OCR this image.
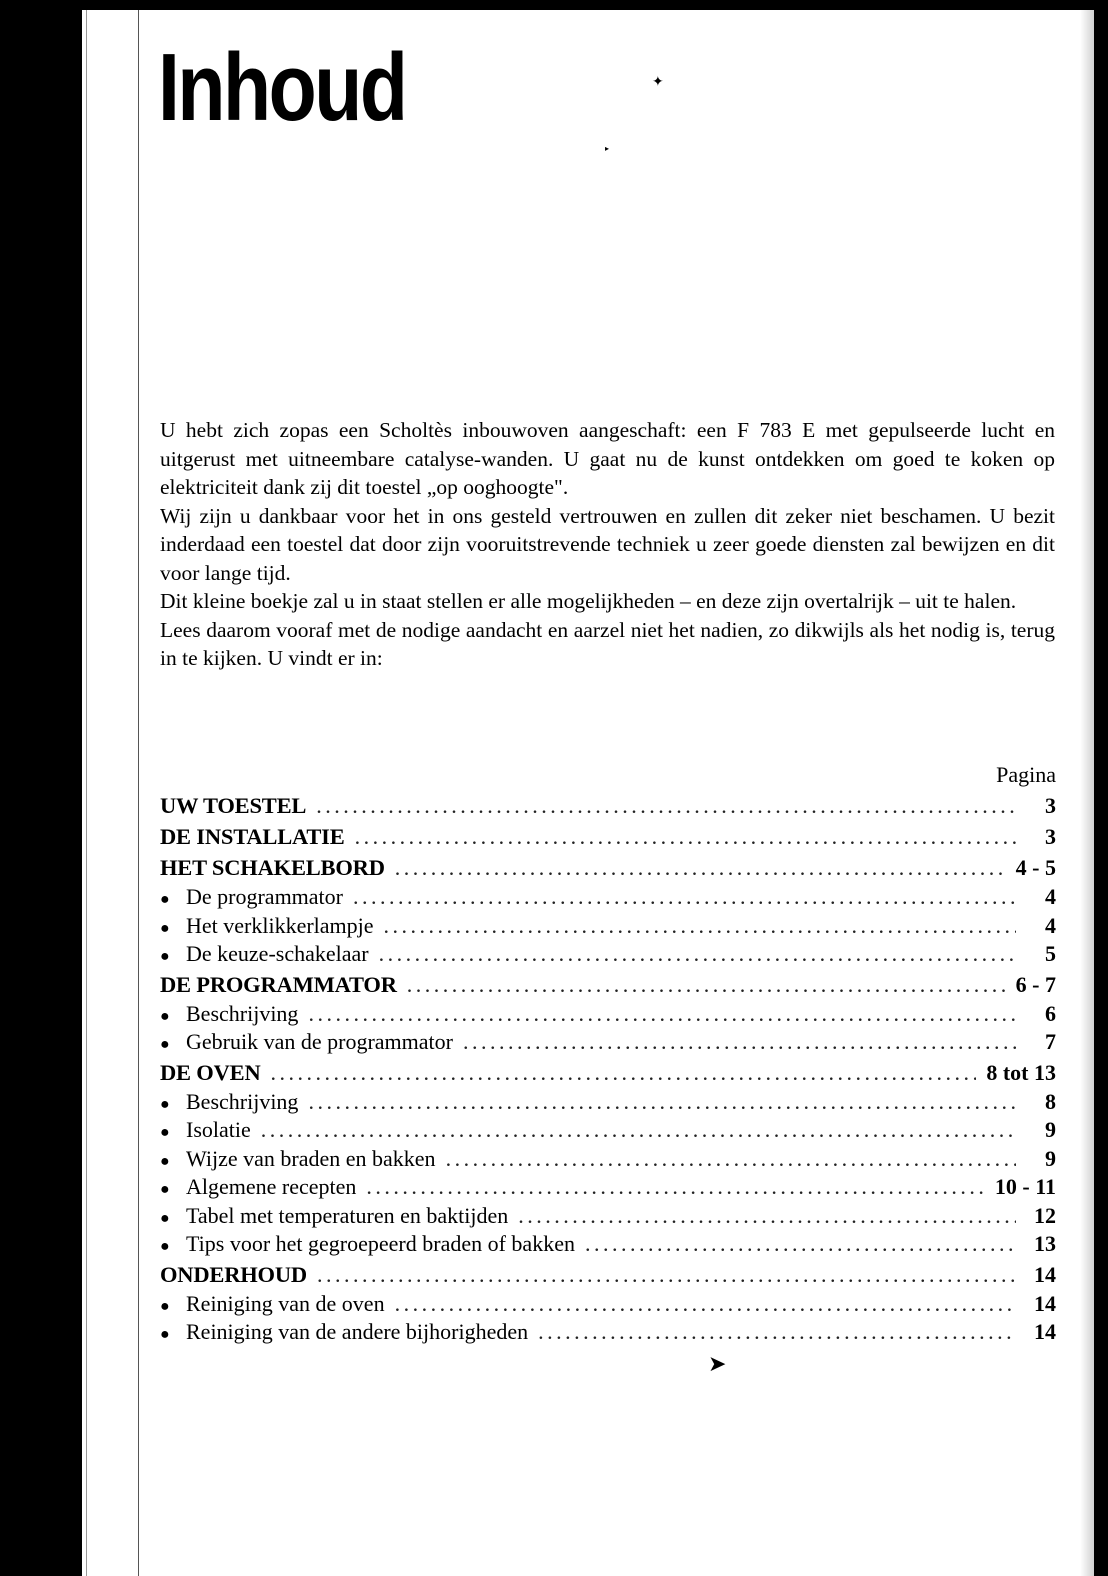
Inhoud	✦
▸
➤

U hebt zich zopas een Scholtès inbouwoven aangeschaft: een F 783 E met gepulseerde lucht en uitgerust met uitneembare catalyse-wanden. U gaat nu de kunst ontdekken om goed te koken op elektriciteit dank zij dit toestel „op ooghoogte".

Wij zijn u dankbaar voor het in ons gesteld vertrouwen en zullen dit zeker niet beschamen. U bezit inderdaad een toestel dat door zijn vooruitstrevende techniek u zeer goede diensten zal bewijzen en dit voor lange tijd.

Dit kleine boekje zal u in staat stellen er alle mogelijkheden – en deze zijn overtalrijk – uit te halen.

Lees daarom vooraf met de nodige aandacht en aarzel niet het nadien, zo dikwijls als het nodig is, terug in te kijken. U vindt er in:

Pagina
UW TOESTEL .....	3
DE INSTALLATIE .....	3
HET SCHAKELBORD .....	4 - 5
● De programmator .....	4
● Het verklikkerlampje .....	4
● De keuze-schakelaar .....	5
DE PROGRAMMATOR .....	6 - 7
● Beschrijving .....	6
● Gebruik van de programmator .....	7
DE OVEN .....	8 tot 13
● Beschrijving .....	8
● Isolatie .....	9
● Wijze van braden en bakken .....	9
● Algemene recepten .....	10 - 11
● Tabel met temperaturen en baktijden .....	12
● Tips voor het gegroepeerd braden of bakken .....	13
ONDERHOUD .....	14
● Reiniging van de oven .....	14
● Reiniging van de andere bijhorigheden .....	14
